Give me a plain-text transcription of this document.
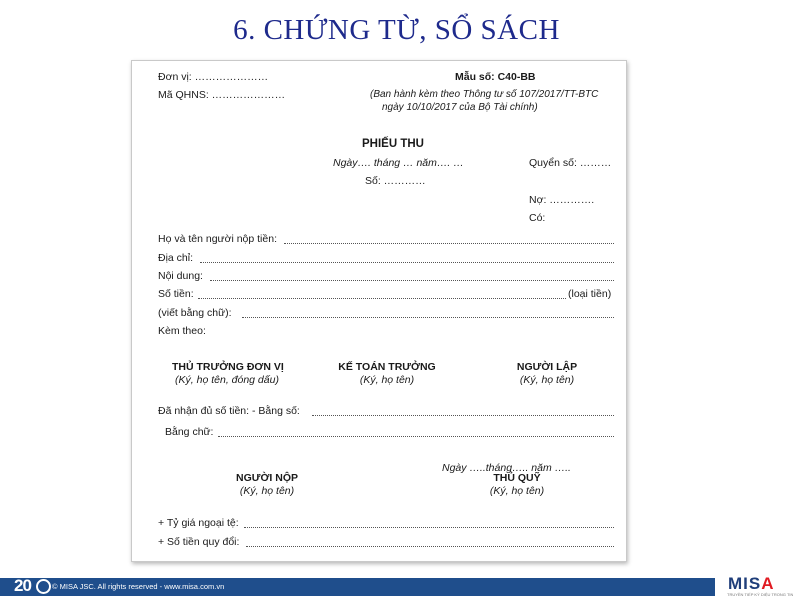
6. CHỨNG TỪ, SỔ SÁCH
Đơn vị: …………………
Mã QHNS: …………………
Mẫu số: C40-BB
(Ban hành kèm theo Thông tư số 107/2017/TT-BTC
ngày 10/10/2017 của Bộ Tài chính)
PHIẾU THU
Ngày…. tháng … năm…. …
Số: …………
Quyển số: ………
Nợ: ………….
Có:
Họ và tên người nộp tiền:
Địa chỉ:
Nội dung:
Số tiền:	(loại tiền)
(viết bằng chữ):
Kèm theo:
THỦ TRƯỞNG ĐƠN VỊ
(Ký, họ tên, đóng dấu)
KẾ TOÁN TRƯỞNG
(Ký, họ tên)
NGƯỜI LẬP
(Ký, họ tên)
Đã nhận đủ số tiền: - Bằng số:
Bằng chữ:
Ngày …..tháng….. năm …..
NGƯỜI NỘP
(Ký, họ tên)
THỦ QUỸ
(Ký, họ tên)
+ Tỷ giá ngoại tệ:
+ Số tiền quy đổi:
20	© MISA JSC. All rights reserved - www.misa.com.vn	MISA
TRUYỀN TIẾP KỲ DIỆU TRONG TIN
